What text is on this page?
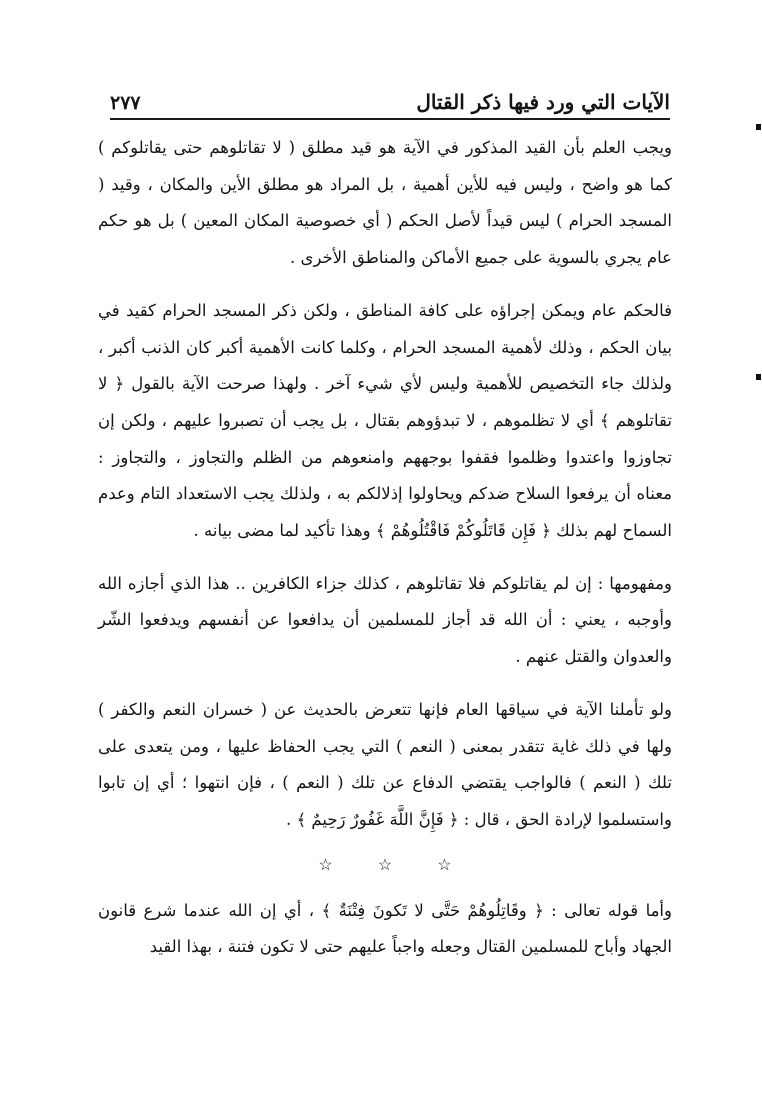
الآيات التي ورد فيها ذكر القتال
٢٧٧

ويجب العلم بأن القيد المذكور في الآية هو قيد مطلق ( لا تقاتلوهم حتى يقاتلوكم ) كما هو واضح ، وليس فيه للأين أهمية ، بل المراد هو مطلق الأين والمكان ، وقيد ( المسجد الحرام ) ليس قيداً لأصل الحكم ( أي خصوصية المكان المعين ) بل هو حكم عام يجري بالسوية على جميع الأماكن والمناطق الأخرى .

فالحكم عام ويمكن إجراؤه على كافة المناطق ، ولكن ذكر المسجد الحرام كقيد في بيان الحكم ، وذلك لأهمية المسجد الحرام ، وكلما كانت الأهمية أكبر كان الذنب أكبر ، ولذلك جاء التخصيص للأهمية وليس لأي شيء آخر . ولهذا صرحت الآية بالقول ﴿ لا تقاتلوهم ﴾ أي لا تظلموهم ، لا تبدؤوهم بقتال ، بل يجب أن تصبروا عليهم ، ولكن إن تجاوزوا واعتدوا وظلموا فقفوا بوجههم وامنعوهم من الظلم والتجاوز ، والتجاوز : معناه أن يرفعوا السلاح ضدكم ويحاولوا إذلالكم به ، ولذلك يجب الاستعداد التام وعدم السماح لهم بذلك ﴿ فَإِن قَاتَلُوكُمْ فَاقْتُلُوهُمْ ﴾ وهذا تأكيد لما مضى بيانه .

ومفهومها : إن لم يقاتلوكم فلا تقاتلوهم ، كذلك جزاء الكافرين .. هذا الذي أجازه الله وأوجبه ، يعني : أن الله قد أجاز للمسلمين أن يدافعوا عن أنفسهم ويدفعوا الشّر والعدوان والقتل عنهم .

ولو تأملنا الآية في سياقها العام فإنها تتعرض بالحديث عن ( خسران النعم والكفر ) ولها في ذلك غاية تتقدر بمعنى ( النعم ) التي يجب الحفاظ عليها ، ومن يتعدى على تلك ( النعم ) فالواجب يقتضي الدفاع عن تلك ( النعم ) ، فإن انتهوا ؛ أي إن تابوا واستسلموا لإرادة الحق ، قال : ﴿ فَإِنَّ اللَّهَ غَفُورٌ رَحِيمٌ ﴾ .

☆ ☆ ☆

وأما قوله تعالى : ﴿ وقَاتِلُوهُمْ حَتَّى لا تَكونَ فِتْنَةٌ ﴾ ، أي إن الله عندما شرع قانون الجهاد وأباح للمسلمين القتال وجعله واجباً عليهم حتى لا تكون فتنة ، بهذا القيد
